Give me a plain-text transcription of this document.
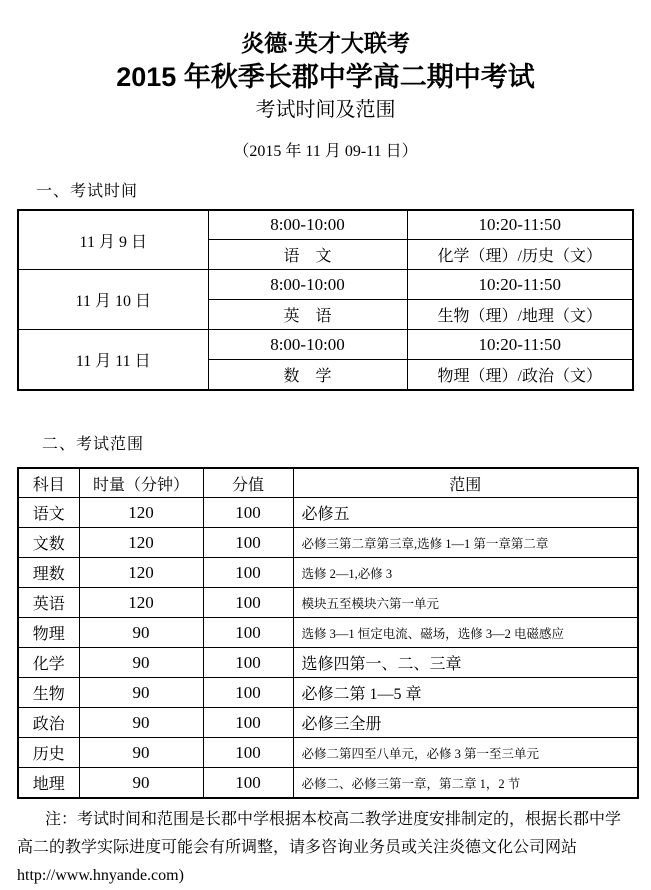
炎德·英才大联考
2015 年秋季长郡中学高二期中考试
考试时间及范围
（2015 年 11 月 09-11 日）
一、考试时间
11 月 9 日	8:00-10:00	10:20-11:50
	语　文	化学（理）/历史（文）
11 月 10 日	8:00-10:00	10:20-11:50
	英　语	生物（理）/地理（文）
11 月 11 日	8:00-10:00	10:20-11:50
	数　学	物理（理）/政治（文）
二、考试范围
科目	时量（分钟）	分值	范围
语文	120	100	必修五
文数	120	100	必修三第二章第三章,选修 1—1 第一章第二章
理数	120	100	选修 2—1,必修 3
英语	120	100	模块五至模块六第一单元
物理	90	100	选修 3—1 恒定电流、磁场，选修 3—2 电磁感应
化学	90	100	选修四第一、二、三章
生物	90	100	必修二第 1—5 章
政治	90	100	必修三全册
历史	90	100	必修二第四至八单元，必修 3 第一至三单元
地理	90	100	必修二、必修三第一章，第二章 1，2 节
注：考试时间和范围是长郡中学根据本校高二教学进度安排制定的，根据长郡中学
高二的教学实际进度可能会有所调整，请多咨询业务员或关注炎德文化公司网站
http://www.hnyande.com)
